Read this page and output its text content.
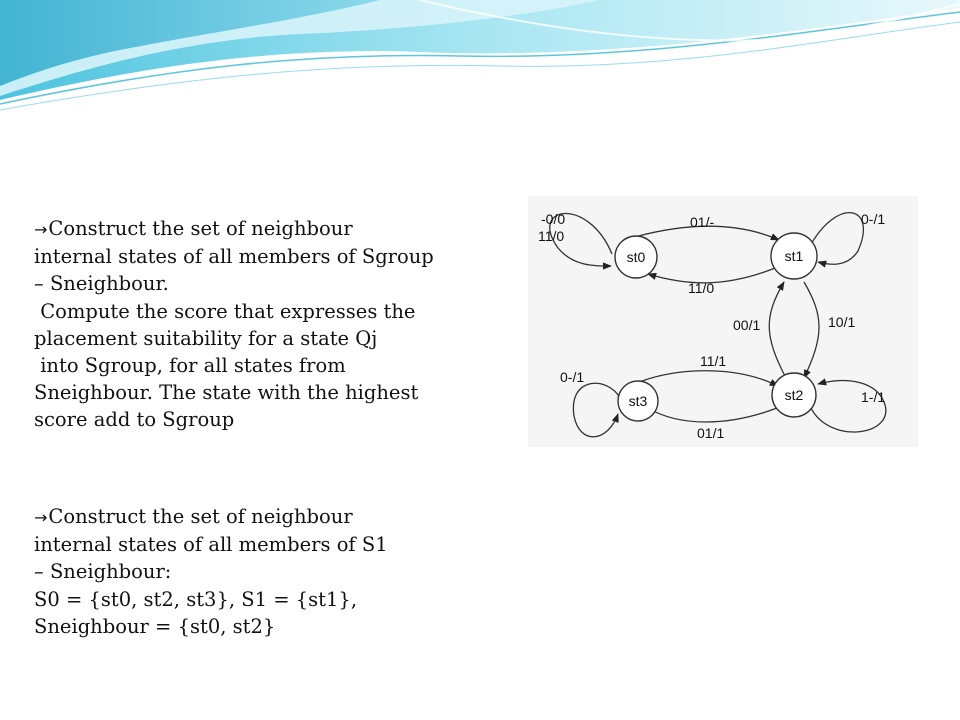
→Construct the set of neighbour
internal states of all members of Sgroup
– Sneighbour.
Compute the score that expresses the
placement suitability for a state Qj
into Sgroup, for all states from
Sneighbour. The state with the highest
score add to Sgroup
→Construct the set of neighbour
internal states of all members of S1
– Sneighbour:
S0 = {st0, st2, st3}, S1 = {st1},
Sneighbour = {st0, st2}
st0	st1
st3	st2
-0/0
11/0
01/-
11/0
0-/1
00/1	10/1
0-/1
11/1
01/1
1-/1
